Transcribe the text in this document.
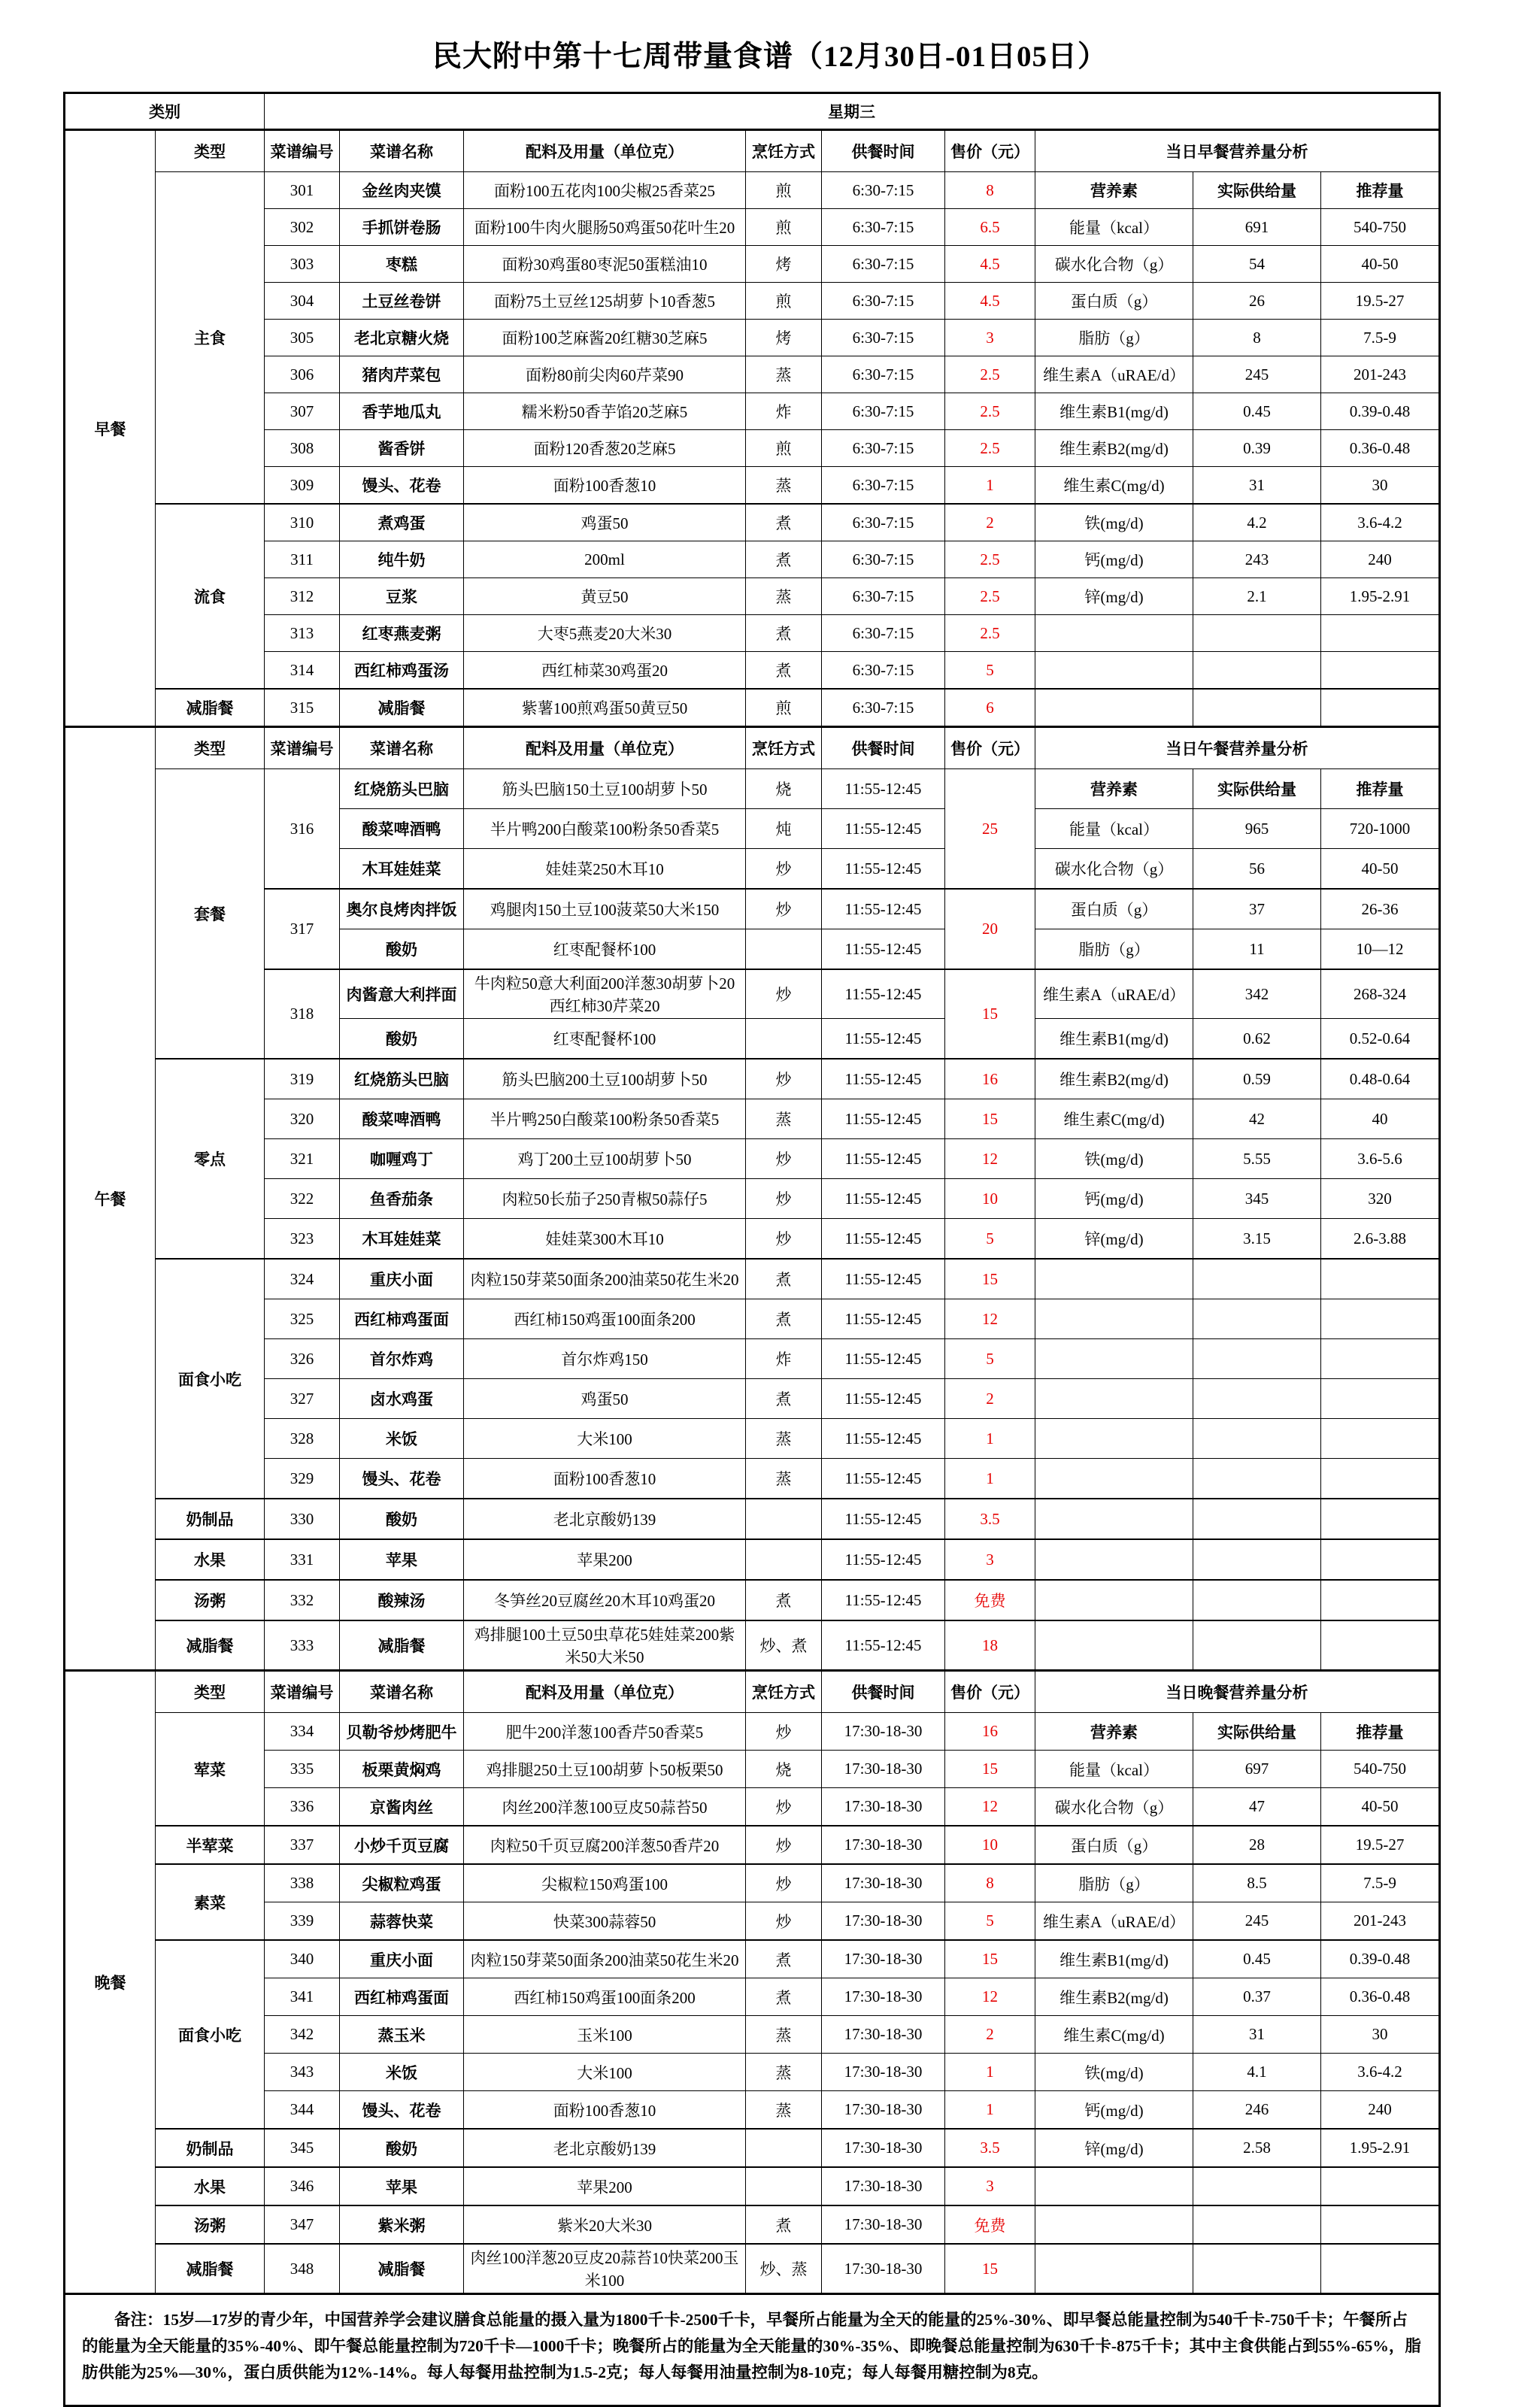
民大附中第十七周带量食谱（12月30日-01日05日）
类别		星期三								
早餐	类型	菜谱编号	菜谱名称	配料及用量（单位克）	烹饪方式	供餐时间	售价（元）	当日早餐营养量分析		
	主食	301	金丝肉夹馍	面粉100五花肉100尖椒25香菜25	煎	6:30-7:15	8	营养素	实际供给量	推荐量
		302	手抓饼卷肠	面粉100牛肉火腿肠50鸡蛋50花叶生20	煎	6:30-7:15	6.5	能量（kcal）	691	540-750
		303	枣糕	面粉30鸡蛋80枣泥50蛋糕油10	烤	6:30-7:15	4.5	碳水化合物（g）	54	40-50
		304	土豆丝卷饼	面粉75土豆丝125胡萝卜10香葱5	煎	6:30-7:15	4.5	蛋白质（g）	26	19.5-27
		305	老北京糖火烧	面粉100芝麻酱20红糖30芝麻5	烤	6:30-7:15	3	脂肪（g）	8	7.5-9
		306	猪肉芹菜包	面粉80前尖肉60芹菜90	蒸	6:30-7:15	2.5	维生素A（uRAE/d）	245	201-243
		307	香芋地瓜丸	糯米粉50香芋馅20芝麻5	炸	6:30-7:15	2.5	维生素B1(mg/d)	0.45	0.39-0.48
		308	酱香饼	面粉120香葱20芝麻5	煎	6:30-7:15	2.5	维生素B2(mg/d)	0.39	0.36-0.48
		309	馒头、花卷	面粉100香葱10	蒸	6:30-7:15	1	维生素C(mg/d)	31	30
	流食	310	煮鸡蛋	鸡蛋50	煮	6:30-7:15	2	铁(mg/d)	4.2	3.6-4.2
		311	纯牛奶	200ml	煮	6:30-7:15	2.5	钙(mg/d)	243	240
		312	豆浆	黄豆50	蒸	6:30-7:15	2.5	锌(mg/d)	2.1	1.95-2.91
		313	红枣燕麦粥	大枣5燕麦20大米30	煮	6:30-7:15	2.5			
		314	西红柿鸡蛋汤	西红柿菜30鸡蛋20	煮	6:30-7:15	5			
	减脂餐	315	减脂餐	紫薯100煎鸡蛋50黄豆50	煎	6:30-7:15	6			
午餐	类型	菜谱编号	菜谱名称	配料及用量（单位克）	烹饪方式	供餐时间	售价（元）	当日午餐营养量分析		
	套餐	316	红烧筋头巴脑	筋头巴脑150土豆100胡萝卜50	烧	11:55-12:45	25	营养素	实际供给量	推荐量
			酸菜啤酒鸭	半片鸭200白酸菜100粉条50香菜5	炖	11:55-12:45		能量（kcal）	965	720-1000
			木耳娃娃菜	娃娃菜250木耳10	炒	11:55-12:45		碳水化合物（g）	56	40-50
		317	奥尔良烤肉拌饭	鸡腿肉150土豆100菠菜50大米150	炒	11:55-12:45	20	蛋白质（g）	37	26-36
			酸奶	红枣配餐杯100		11:55-12:45		脂肪（g）	11	10—12
		318	肉酱意大利拌面	牛肉粒50意大利面200洋葱30胡萝卜20西红柿30芹菜20	炒	11:55-12:45	15	维生素A（uRAE/d）	342	268-324
			酸奶	红枣配餐杯100		11:55-12:45		维生素B1(mg/d)	0.62	0.52-0.64
	零点	319	红烧筋头巴脑	筋头巴脑200土豆100胡萝卜50	炒	11:55-12:45	16	维生素B2(mg/d)	0.59	0.48-0.64
		320	酸菜啤酒鸭	半片鸭250白酸菜100粉条50香菜5	蒸	11:55-12:45	15	维生素C(mg/d)	42	40
		321	咖喱鸡丁	鸡丁200土豆100胡萝卜50	炒	11:55-12:45	12	铁(mg/d)	5.55	3.6-5.6
		322	鱼香茄条	肉粒50长茄子250青椒50蒜仔5	炒	11:55-12:45	10	钙(mg/d)	345	320
		323	木耳娃娃菜	娃娃菜300木耳10	炒	11:55-12:45	5	锌(mg/d)	3.15	2.6-3.88
	面食小吃	324	重庆小面	肉粒150芽菜50面条200油菜50花生米20	煮	11:55-12:45	15			
		325	西红柿鸡蛋面	西红柿150鸡蛋100面条200	煮	11:55-12:45	12			
		326	首尔炸鸡	首尔炸鸡150	炸	11:55-12:45	5			
		327	卤水鸡蛋	鸡蛋50	煮	11:55-12:45	2			
		328	米饭	大米100	蒸	11:55-12:45	1			
		329	馒头、花卷	面粉100香葱10	蒸	11:55-12:45	1			
	奶制品	330	酸奶	老北京酸奶139		11:55-12:45	3.5			
	水果	331	苹果	苹果200		11:55-12:45	3			
	汤粥	332	酸辣汤	冬笋丝20豆腐丝20木耳10鸡蛋20	煮	11:55-12:45	免费			
	减脂餐	333	减脂餐	鸡排腿100土豆50虫草花5娃娃菜200紫米50大米50	炒、煮	11:55-12:45	18			
晚餐	类型	菜谱编号	菜谱名称	配料及用量（单位克）	烹饪方式	供餐时间	售价（元）	当日晚餐营养量分析		
	荤菜	334	贝勒爷炒烤肥牛	肥牛200洋葱100香芹50香菜5	炒	17:30-18-30	16	营养素	实际供给量	推荐量
		335	板栗黄焖鸡	鸡排腿250土豆100胡萝卜50板栗50	烧	17:30-18-30	15	能量（kcal）	697	540-750
		336	京酱肉丝	肉丝200洋葱100豆皮50蒜苔50	炒	17:30-18-30	12	碳水化合物（g）	47	40-50
	半荤菜	337	小炒千页豆腐	肉粒50千页豆腐200洋葱50香芹20	炒	17:30-18-30	10	蛋白质（g）	28	19.5-27
	素菜	338	尖椒粒鸡蛋	尖椒粒150鸡蛋100	炒	17:30-18-30	8	脂肪（g）	8.5	7.5-9
		339	蒜蓉快菜	快菜300蒜蓉50	炒	17:30-18-30	5	维生素A（uRAE/d）	245	201-243
	面食小吃	340	重庆小面	肉粒150芽菜50面条200油菜50花生米20	煮	17:30-18-30	15	维生素B1(mg/d)	0.45	0.39-0.48
		341	西红柿鸡蛋面	西红柿150鸡蛋100面条200	煮	17:30-18-30	12	维生素B2(mg/d)	0.37	0.36-0.48
		342	蒸玉米	玉米100	蒸	17:30-18-30	2	维生素C(mg/d)	31	30
		343	米饭	大米100	蒸	17:30-18-30	1	铁(mg/d)	4.1	3.6-4.2
		344	馒头、花卷	面粉100香葱10	蒸	17:30-18-30	1	钙(mg/d)	246	240
	奶制品	345	酸奶	老北京酸奶139		17:30-18-30	3.5	锌(mg/d)	2.58	1.95-2.91
	水果	346	苹果	苹果200		17:30-18-30	3			
	汤粥	347	紫米粥	紫米20大米30	煮	17:30-18-30	免费			
	减脂餐	348	减脂餐	肉丝100洋葱20豆皮20蒜苔10快菜200玉米100	炒、蒸	17:30-18-30	15			
备注：15岁—17岁的青少年，中国营养学会建议膳食总能量的摄入量为1800千卡-2500千卡，早餐所占能量为全天的能量的25%-30%、即早餐总能量控制为540千卡-750千卡；午餐所占的能量为全天能量的35%-40%、即午餐总能量控制为720千卡—1000千卡；晚餐所占的能量为全天能量的30%-35%、即晚餐总能量控制为630千卡-875千卡；其中主食供能占到55%-65%，脂肪供能为25%—30%，蛋白质供能为12%-14%。每人每餐用盐控制为1.5-2克；每人每餐用油量控制为8-10克；每人每餐用糖控制为8克。										
